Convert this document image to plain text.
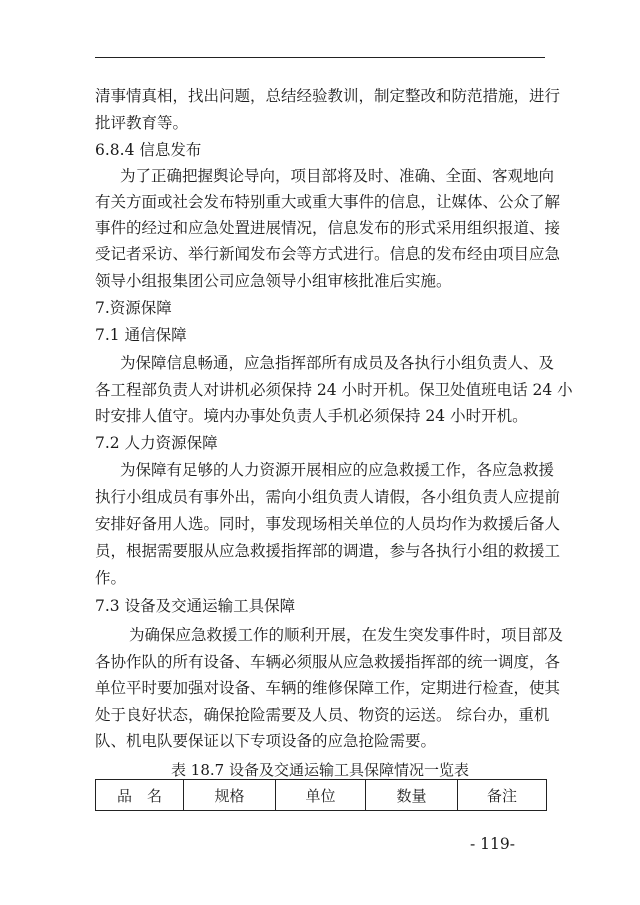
清事情真相，找出问题，总结经验教训，制定整改和防范措施，进行
批评教育等。
6.8.4 信息发布
为了正确把握舆论导向，项目部将及时、准确、全面、客观地向
有关方面或社会发布特别重大或重大事件的信息，让媒体、公众了解
事件的经过和应急处置进展情况，信息发布的形式采用组织报道、接
受记者采访、举行新闻发布会等方式进行。信息的发布经由项目应急
领导小组报集团公司应急领导小组审核批准后实施。
7.资源保障
7.1 通信保障
为保障信息畅通，应急指挥部所有成员及各执行小组负责人、及
各工程部负责人对讲机必须保持 24 小时开机。保卫处值班电话 24 小
时安排人值守。境内办事处负责人手机必须保持 24 小时开机。
7.2 人力资源保障
为保障有足够的人力资源开展相应的应急救援工作，各应急救援
执行小组成员有事外出，需向小组负责人请假，各小组负责人应提前
安排好备用人选。同时，事发现场相关单位的人员均作为救援后备人
员，根据需要服从应急救援指挥部的调遣，参与各执行小组的救援工
作。
7.3 设备及交通运输工具保障
为确保应急救援工作的顺利开展，在发生突发事件时，项目部及
各协作队的所有设备、车辆必须服从应急救援指挥部的统一调度，各
单位平时要加强对设备、车辆的维修保障工作，定期进行检查，使其
处于良好状态，确保抢险需要及人员、物资的运送。 综台办，重机
队、机电队要保证以下专项设备的应急抢险需要。
表 18.7 设备及交通运输工具保障情况一览表
品　名	规格	单位	数量	备注
- 119-
